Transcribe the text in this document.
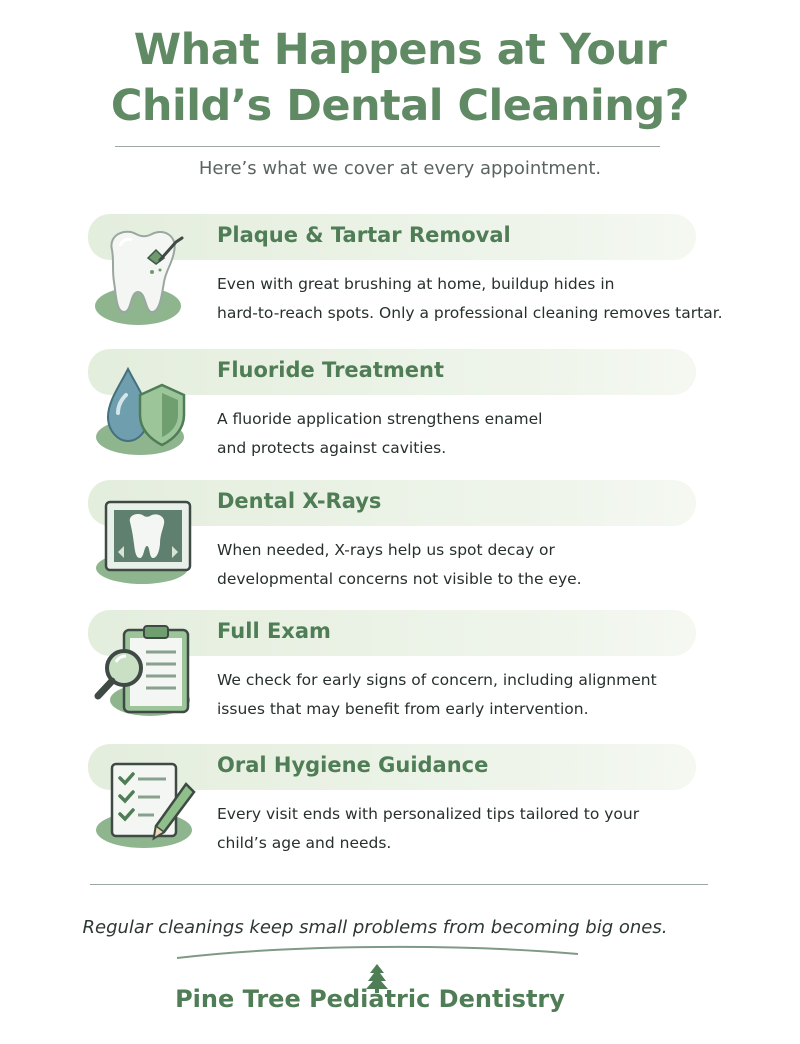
What Happens at Your
Child’s Dental Cleaning?
Here’s what we cover at every appointment.
Plaque & Tartar Removal
Even with great brushing at home, buildup hides in
hard-to-reach spots. Only a professional cleaning removes tartar.
Fluoride Treatment
A fluoride application strengthens enamel
and protects against cavities.
Dental X-Rays
When needed, X-rays help us spot decay or
developmental concerns not visible to the eye.
Full Exam
We check for early signs of concern, including alignment
issues that may benefit from early intervention.
Oral Hygiene Guidance
Every visit ends with personalized tips tailored to your
child’s age and needs.
Regular cleanings keep small problems from becoming big ones.
Pine Tree Pediatric Dentistry
